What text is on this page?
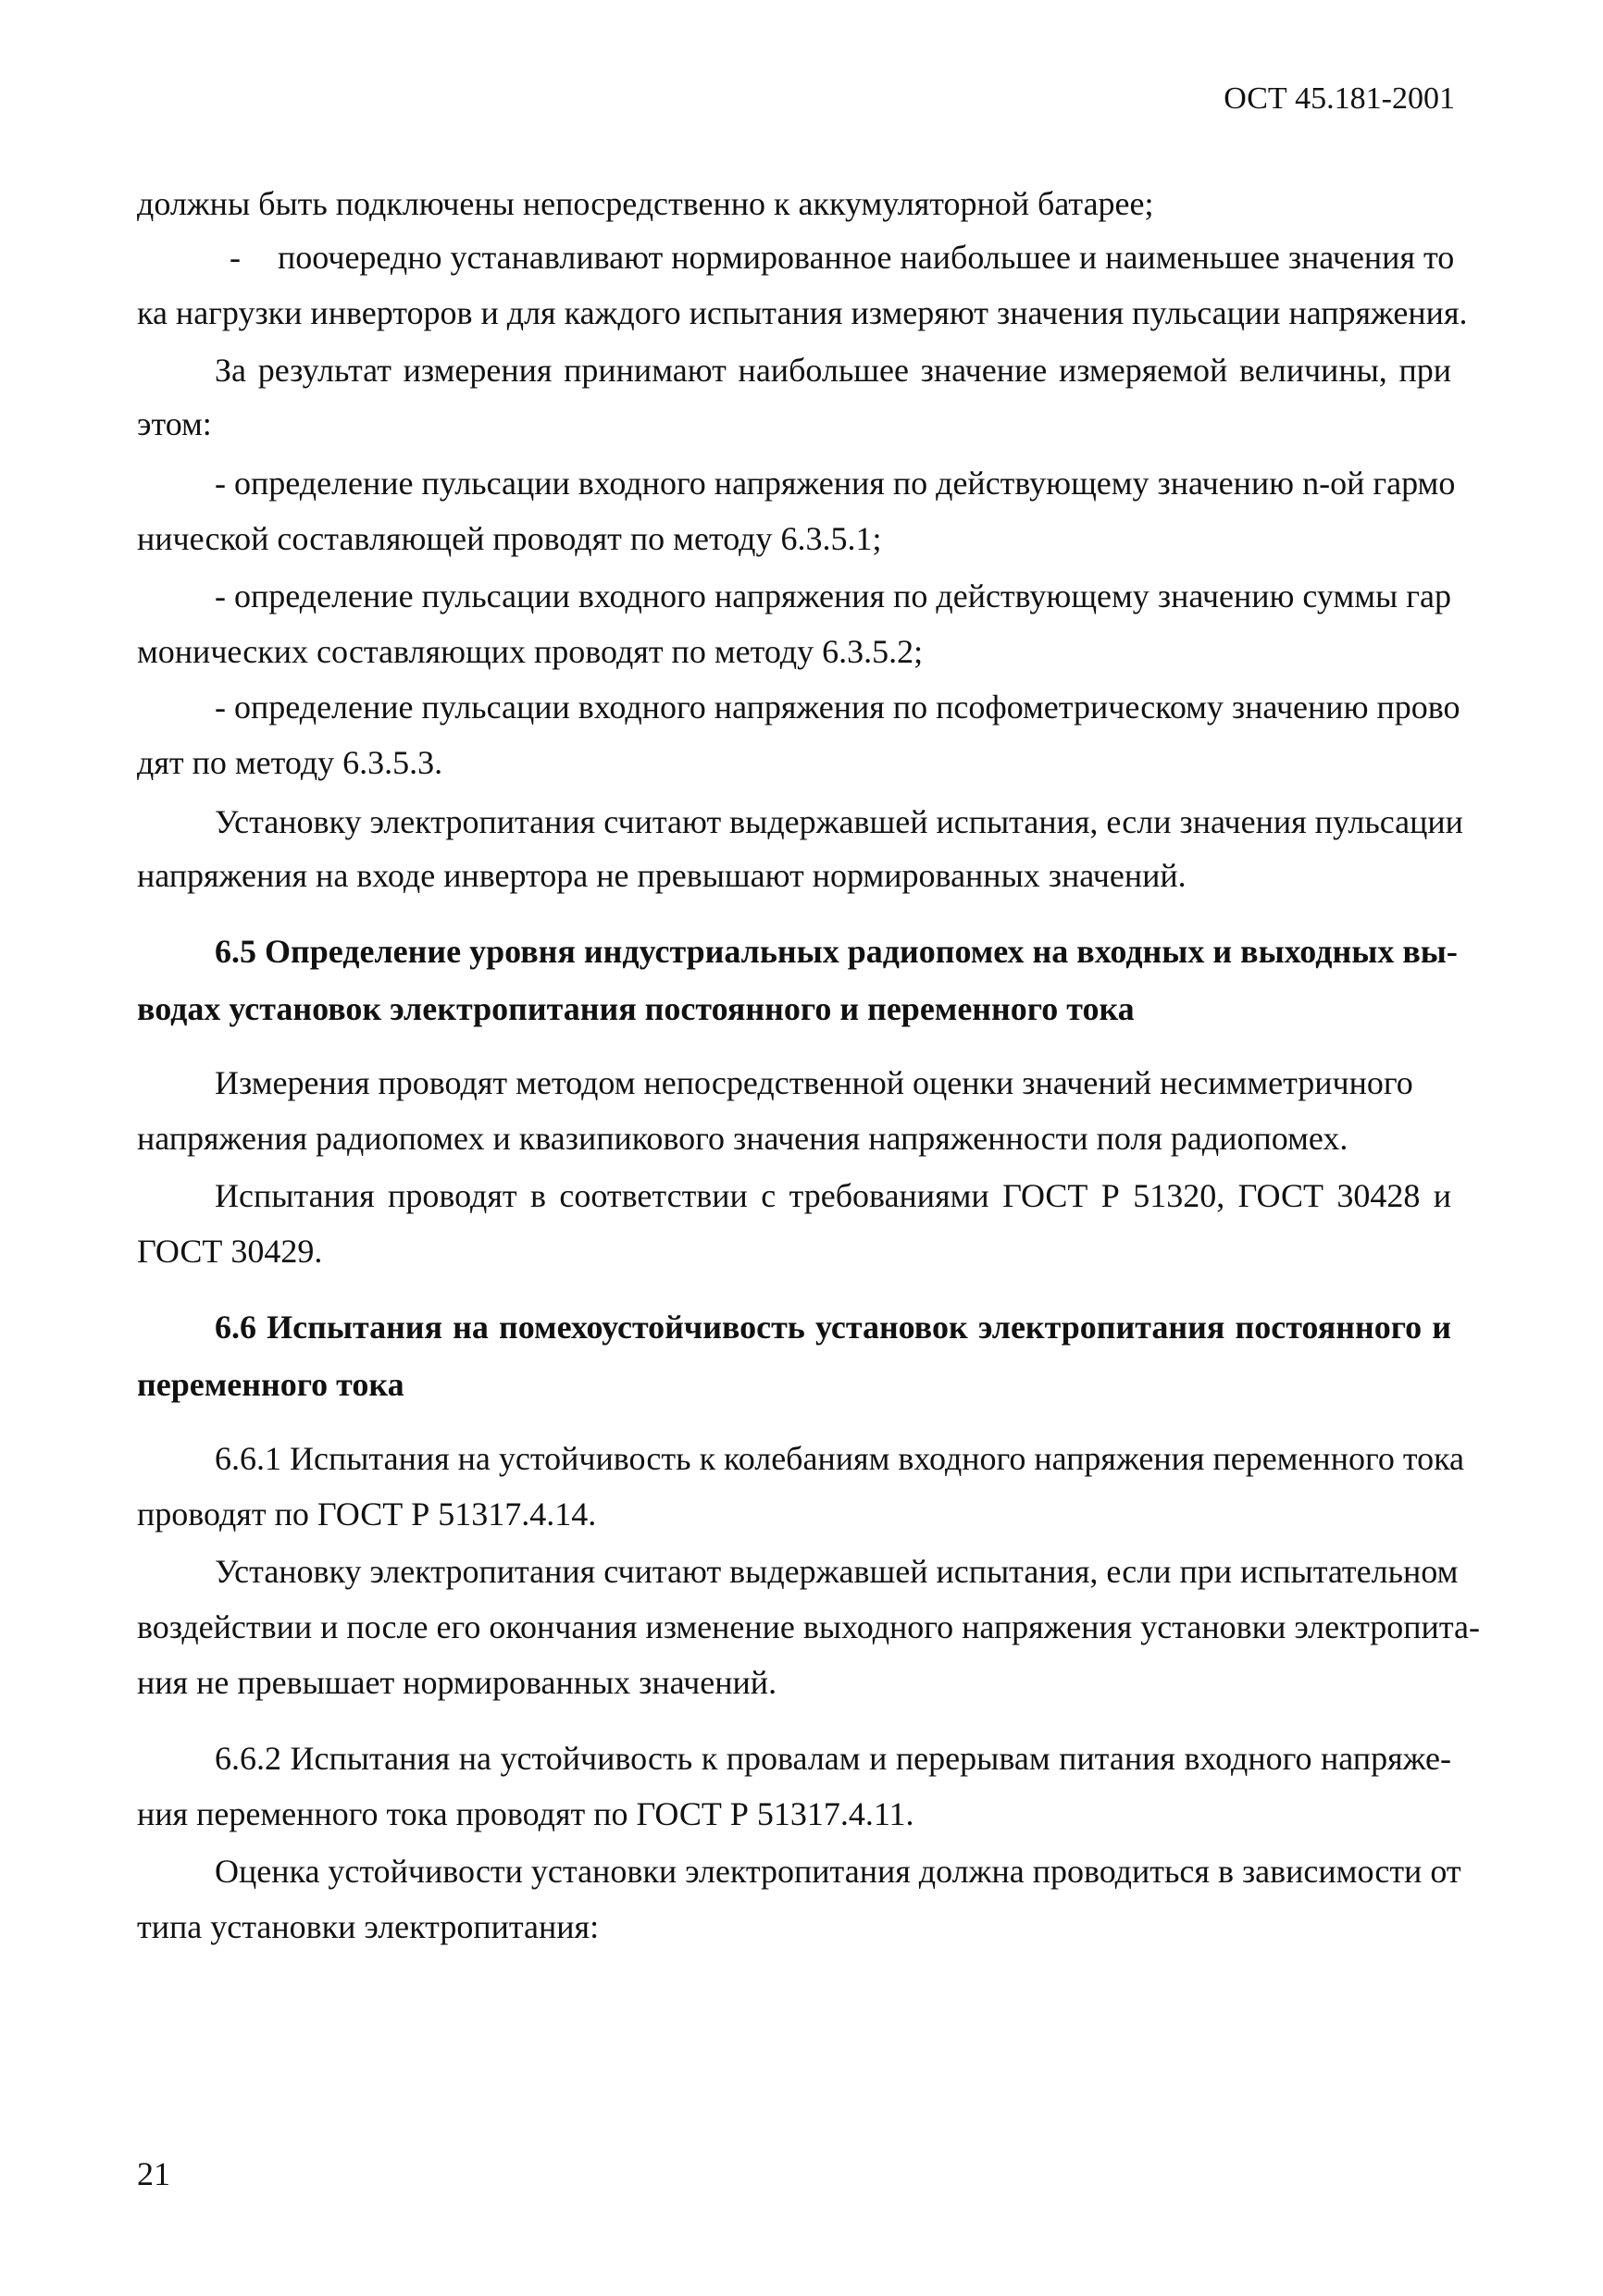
ОСТ 45.181-2001
должны быть подключены непосредственно к аккумуляторной батарее;
- поочередно устанавливают нормированное наибольшее и наименьшее значения то
ка нагрузки инверторов и для каждого испытания измеряют значения пульсации напряжения.
За результат измерения принимают наибольшее значение измеряемой величины, при
этом:
- определение пульсации входного напряжения по действующему значению n-ой гармо
нической составляющей проводят по методу 6.3.5.1;
- определение пульсации входного напряжения по действующему значению суммы гар
монических составляющих проводят по методу 6.3.5.2;
- определение пульсации входного напряжения по псофометрическому значению прово
дят по методу 6.3.5.3.
Установку электропитания считают выдержавшей испытания, если значения пульсации
напряжения на входе инвертора не превышают нормированных значений.
6.5 Определение уровня индустриальных радиопомех на входных и выходных вы-
водах установок электропитания постоянного и переменного тока
Измерения проводят методом непосредственной оценки значений несимметричного
напряжения радиопомех и квазипикового значения напряженности поля радиопомех.
Испытания проводят в соответствии с требованиями ГОСТ Р 51320, ГОСТ 30428 и
ГОСТ 30429.
6.6 Испытания на помехоустойчивость установок электропитания постоянного и
переменного тока
6.6.1 Испытания на устойчивость к колебаниям входного напряжения переменного тока
проводят по ГОСТ Р 51317.4.14.
Установку электропитания считают выдержавшей испытания, если при испытательном
воздействии и после его окончания изменение выходного напряжения установки электропита-
ния не превышает нормированных значений.
6.6.2 Испытания на устойчивость к провалам и перерывам питания входного напряже-
ния переменного тока проводят по ГОСТ Р 51317.4.11.
Оценка устойчивости установки электропитания должна проводиться в зависимости от
типа установки электропитания:
21
